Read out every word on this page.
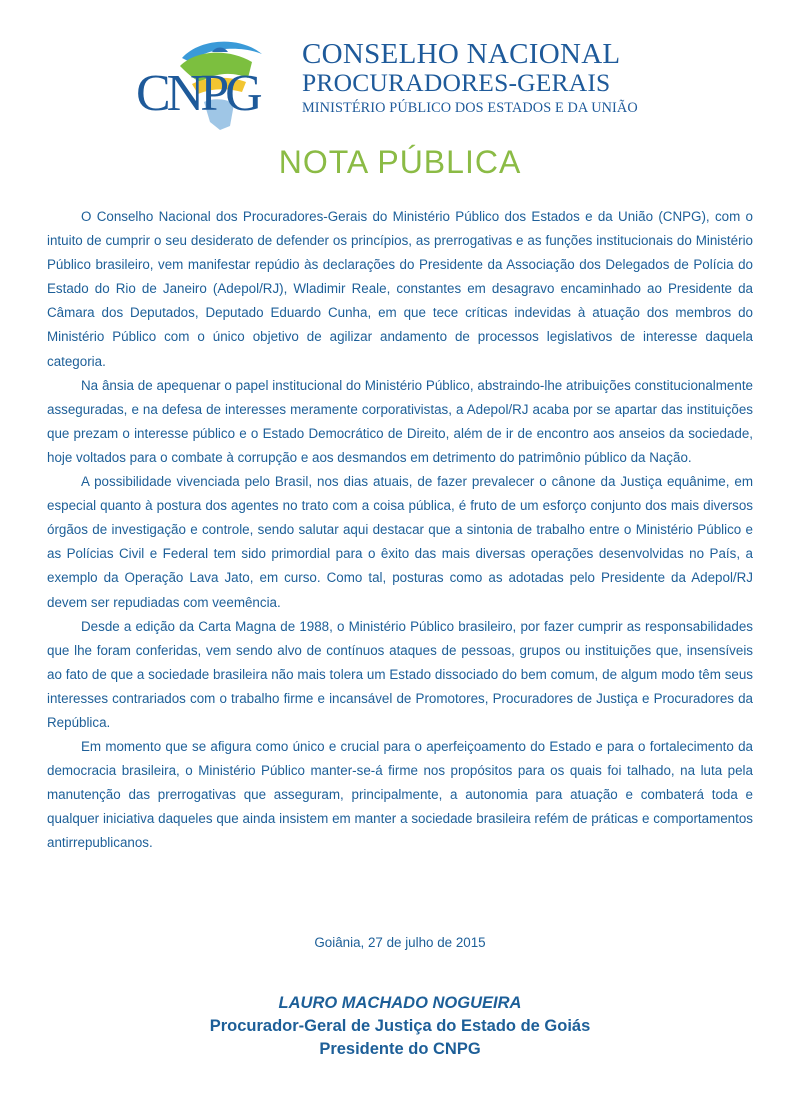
CNPG
CONSELHO NACIONAL
PROCURADORES-GERAIS
MINISTÉRIO PÚBLICO DOS ESTADOS E DA UNIÃO
NOTA PÚBLICA

O Conselho Nacional dos Procuradores-Gerais do Ministério Público dos Estados e da União (CNPG), com o intuito de cumprir o seu desiderato de defender os princípios, as prerrogativas e as funções institucionais do Ministério Público brasileiro, vem manifestar repúdio às declarações do Presidente da Associação dos Delegados de Polícia do Estado do Rio de Janeiro (Adepol/RJ), Wladimir Reale, constantes em desagravo encaminhado ao Presidente da Câmara dos Deputados, Deputado Eduardo Cunha, em que tece críticas indevidas à atuação dos membros do Ministério Público com o único objetivo de agilizar andamento de processos legislativos de interesse daquela categoria.

Na ânsia de apequenar o papel institucional do Ministério Público, abstraindo-lhe atribuições constitucionalmente asseguradas, e na defesa de interesses meramente corporativistas, a Adepol/RJ acaba por se apartar das instituições que prezam o interesse público e o Estado Democrático de Direito, além de ir de encontro aos anseios da sociedade, hoje voltados para o combate à corrupção e aos desmandos em detrimento do patrimônio público da Nação.

A possibilidade vivenciada pelo Brasil, nos dias atuais, de fazer prevalecer o cânone da Justiça equânime, em especial quanto à postura dos agentes no trato com a coisa pública, é fruto de um esforço conjunto dos mais diversos órgãos de investigação e controle, sendo salutar aqui destacar que a sintonia de trabalho entre o Ministério Público e as Polícias Civil e Federal tem sido primordial para o êxito das mais diversas operações desenvolvidas no País, a exemplo da Operação Lava Jato, em curso. Como tal, posturas como as adotadas pelo Presidente da Adepol/RJ devem ser repudiadas com veemência.

Desde a edição da Carta Magna de 1988, o Ministério Público brasileiro, por fazer cumprir as responsabilidades que lhe foram conferidas, vem sendo alvo de contínuos ataques de pessoas, grupos ou instituições que, insensíveis ao fato de que a sociedade brasileira não mais tolera um Estado dissociado do bem comum, de algum modo têm seus interesses contrariados com o trabalho firme e incansável de Promotores, Procuradores de Justiça e Procuradores da República.

Em momento que se afigura como único e crucial para o aperfeiçoamento do Estado e para o fortalecimento da democracia brasileira, o Ministério Público manter-se-á firme nos propósitos para os quais foi talhado, na luta pela manutenção das prerrogativas que asseguram, principalmente, a autonomia para atuação e combaterá toda e qualquer iniciativa daqueles que ainda insistem em manter a sociedade brasileira refém de práticas e comportamentos antirrepublicanos.

Goiânia, 27 de julho de 2015
LAURO MACHADO NOGUEIRA
Procurador-Geral de Justiça do Estado de Goiás
Presidente do CNPG
